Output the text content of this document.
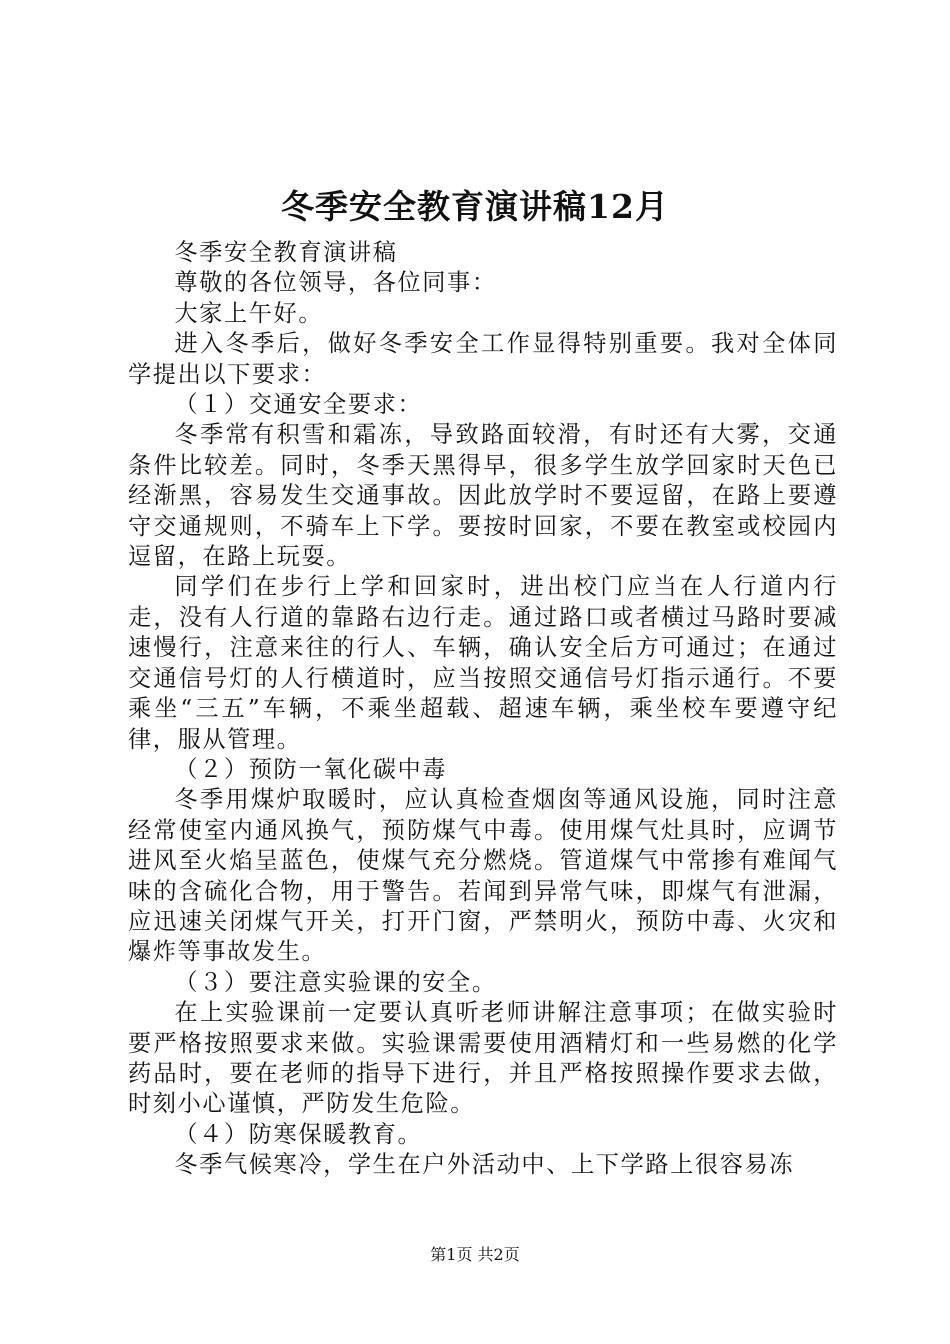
冬季安全教育演讲稿12月

冬季安全教育演讲稿

尊敬的各位领导，各位同事：

大家上午好。

进入冬季后，做好冬季安全工作显得特别重要。我对全体同学提出以下要求：

（１）交通安全要求：

冬季常有积雪和霜冻，导致路面较滑，有时还有大雾，交通条件比较差。同时，冬季天黑得早，很多学生放学回家时天色已经渐黑，容易发生交通事故。因此放学时不要逗留，在路上要遵守交通规则，不骑车上下学。要按时回家，不要在教室或校园内逗留，在路上玩耍。

同学们在步行上学和回家时，进出校门应当在人行道内行走，没有人行道的靠路右边行走。通过路口或者横过马路时要减速慢行，注意来往的行人、车辆，确认安全后方可通过；在通过交通信号灯的人行横道时，应当按照交通信号灯指示通行。不要乘坐“三五”车辆，不乘坐超载、超速车辆，乘坐校车要遵守纪律，服从管理。

（２）预防一氧化碳中毒

冬季用煤炉取暖时，应认真检查烟囱等通风设施，同时注意经常使室内通风换气，预防煤气中毒。使用煤气灶具时，应调节进风至火焰呈蓝色，使煤气充分燃烧。管道煤气中常掺有难闻气味的含硫化合物，用于警告。若闻到异常气味，即煤气有泄漏，应迅速关闭煤气开关，打开门窗，严禁明火，预防中毒、火灾和爆炸等事故发生。

（３）要注意实验课的安全。

在上实验课前一定要认真听老师讲解注意事项；在做实验时要严格按照要求来做。实验课需要使用酒精灯和一些易燃的化学药品时，要在老师的指导下进行，并且严格按照操作要求去做，时刻小心谨慎，严防发生危险。

（４）防寒保暖教育。

冬季气候寒冷，学生在户外活动中、上下学路上很容易冻

第1页 共2页
